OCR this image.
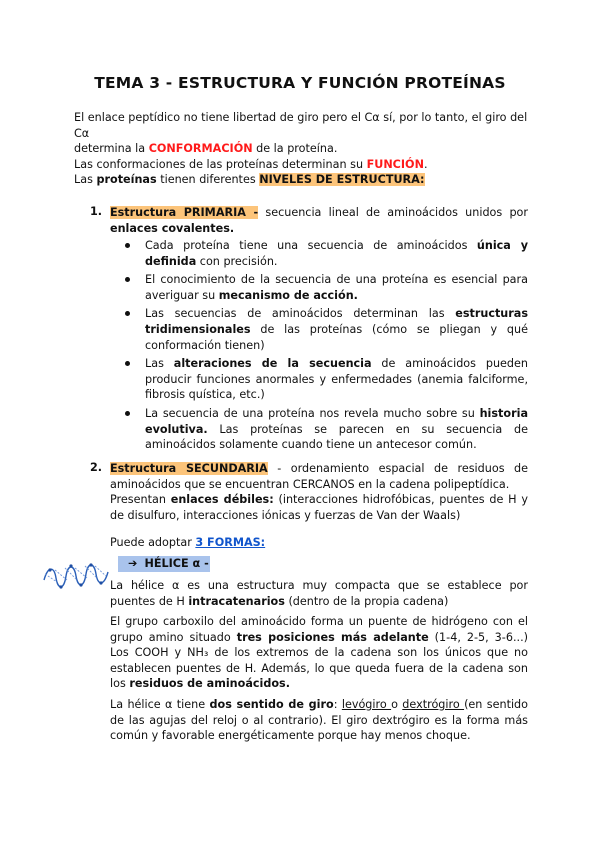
TEMA 3 - ESTRUCTURA Y FUNCIÓN PROTEÍNAS

El enlace peptídico no tiene libertad de giro pero el Cα sí, por lo tanto, el giro del Cα
determina la CONFORMACIÓN de la proteína.
Las conformaciones de las proteínas determinan su FUNCIÓN.

Las proteínas tienen diferentes NIVELES DE ESTRUCTURA:

1. Estructura PRIMARIA - secuencia lineal de aminoácidos unidos por enlaces covalentes.

Cada proteína tiene una secuencia de aminoácidos única y definida con precisión.
El conocimiento de la secuencia de una proteína es esencial para averiguar su mecanismo de acción.
Las secuencias de aminoácidos determinan las estructuras tridimensionales de las proteínas (cómo se pliegan y qué conformación tienen)
Las alteraciones de la secuencia de aminoácidos pueden producir funciones anormales y enfermedades (anemia falciforme, fibrosis quística, etc.)
La secuencia de una proteína nos revela mucho sobre su historia evolutiva. Las proteínas se parecen en su secuencia de aminoácidos solamente cuando tiene un antecesor común.
2. Estructura SECUNDARIA - ordenamiento espacial de residuos de aminoácidos que se encuentran CERCANOS en la cadena polipeptídica.

Presentan enlaces débiles: (interacciones hidrofóbicas, puentes de H y de disulfuro, interacciones iónicas y fuerzas de Van der Waals)

Puede adoptar 3 FORMAS:

➔ HÉLICE α -

La hélice α es una estructura muy compacta que se establece por puentes de H intracatenarios (dentro de la propia cadena)

El grupo carboxilo del aminoácido forma un puente de hidrógeno con el grupo amino situado tres posiciones más adelante (1-4, 2-5, 3-6...) Los COOH y NH₃ de los extremos de la cadena son los únicos que no establecen puentes de H. Además, lo que queda fuera de la cadena son los residuos de aminoácidos.

La hélice α tiene dos sentido de giro: levógiro o dextrógiro (en sentido de las agujas del reloj o al contrario). El giro dextrógiro es la forma más común y favorable energéticamente porque hay menos choque.
